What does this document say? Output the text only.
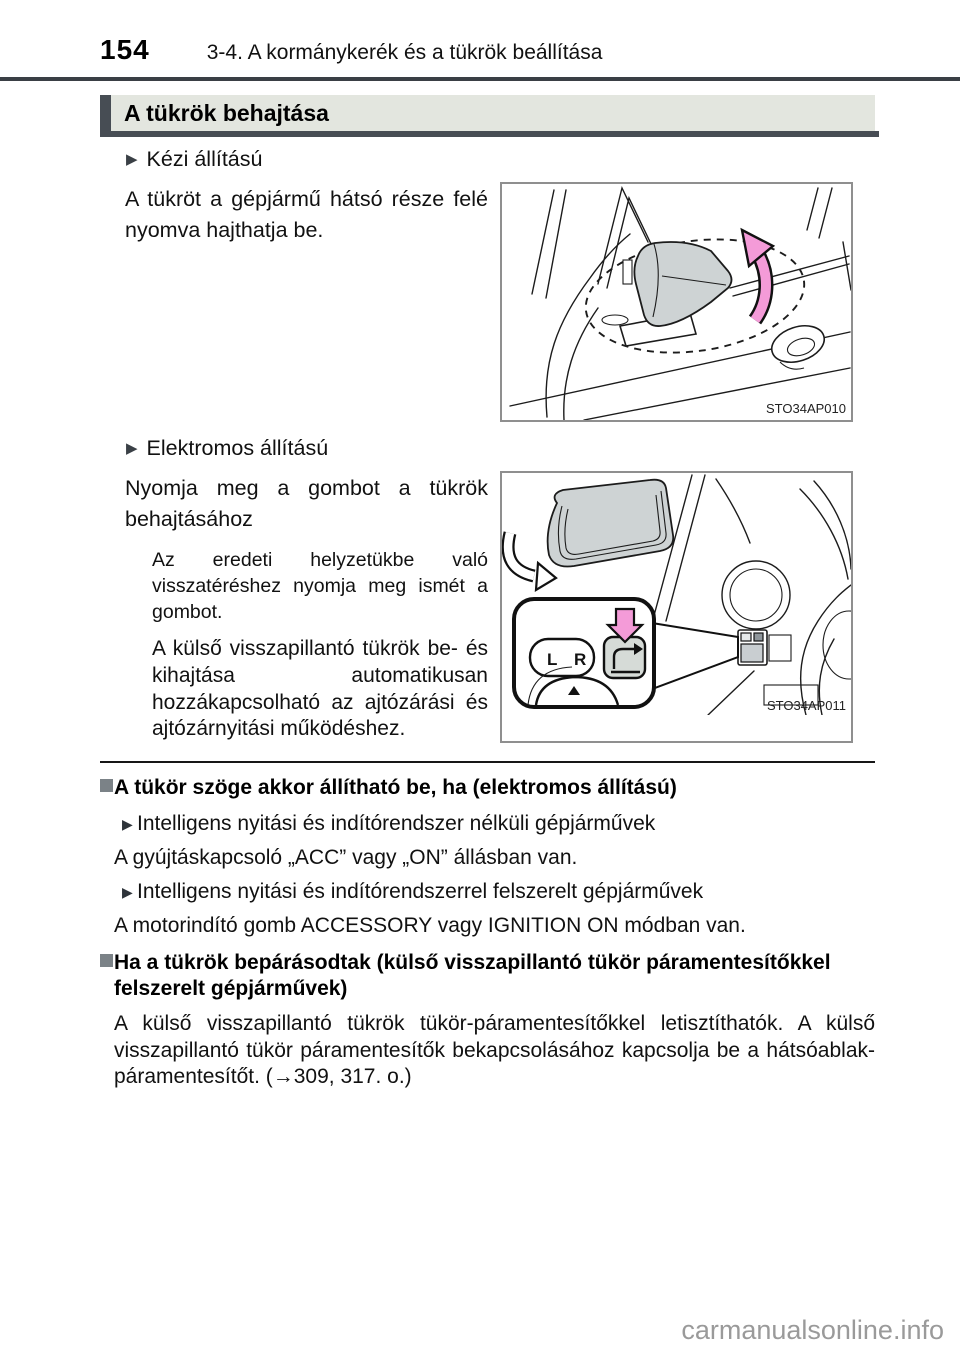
154	3-4. A kormánykerék és a tükrök beállítása
A tükrök behajtása
▶ Kézi állítású

A tükröt a gépjármű hátsó része felé nyomva hajthatja be.

STO34AP010
▶ Elektromos állítású

Nyomja meg a gombot a tükrök behajtásához

Az eredeti helyzetükbe való visszatéréshez nyomja meg ismét a gombot.

A külső visszapillantó tükrök be- és kihajtása automatikusan hozzákapcsolható az ajtózárási és ajtózárnyitási működéshez.

L R
STO34AP011
A tükör szöge akkor állítható be, ha (elektromos állítású)
▶ Intelligens nyitási és indítórendszer nélküli gépjárművek
A gyújtáskapcsoló „ACC” vagy „ON” állásban van.
▶ Intelligens nyitási és indítórendszerrel felszerelt gépjárművek
A motorindító gomb ACCESSORY vagy IGNITION ON módban van.
Ha a tükrök bepárásodtak (külső visszapillantó tükör páramentesítőkkel felszerelt gépjárművek)

A külső visszapillantó tükrök tükör-páramentesítőkkel letisztíthatók. A külső visszapillantó tükör páramentesítők bekapcsolásához kapcsolja be a hátsóablak-páramentesítőt. (→309, 317. o.)

carmanualsonline.info
